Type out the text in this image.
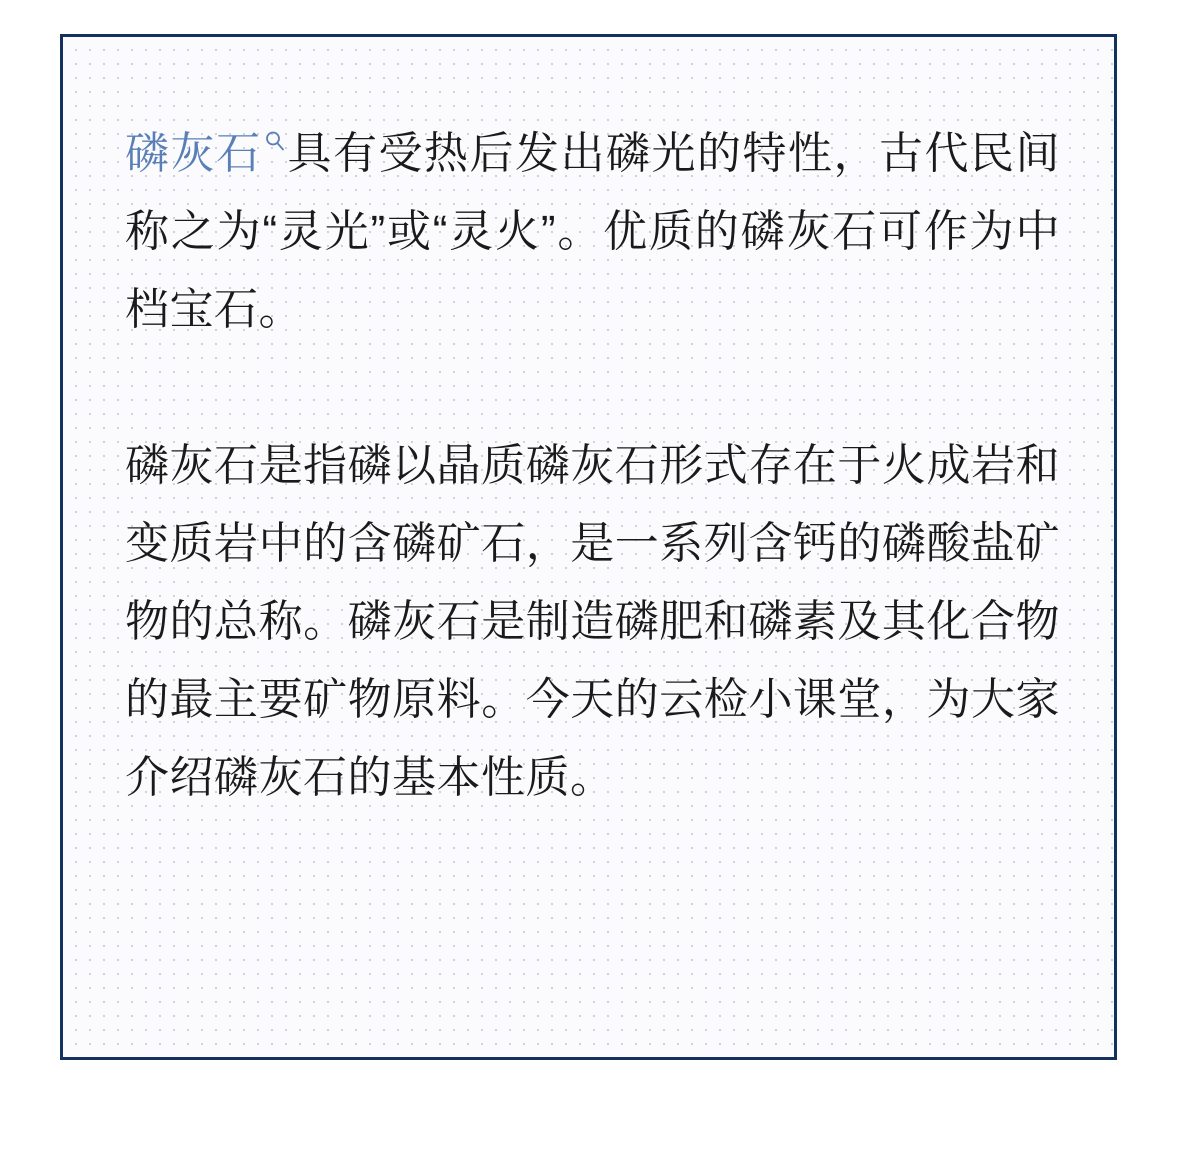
磷灰石 具有受热后发出磷光的特性，古代民间称之为“灵光”或“灵火”。优质的磷灰石可作为中档宝石。

磷灰石是指磷以晶质磷灰石形式存在于火成岩和变质岩中的含磷矿石，是一系列含钙的磷酸盐矿物的总称。磷灰石是制造磷肥和磷素及其化合物的最主要矿物原料。今天的云检小课堂，为大家介绍磷灰石的基本性质。
